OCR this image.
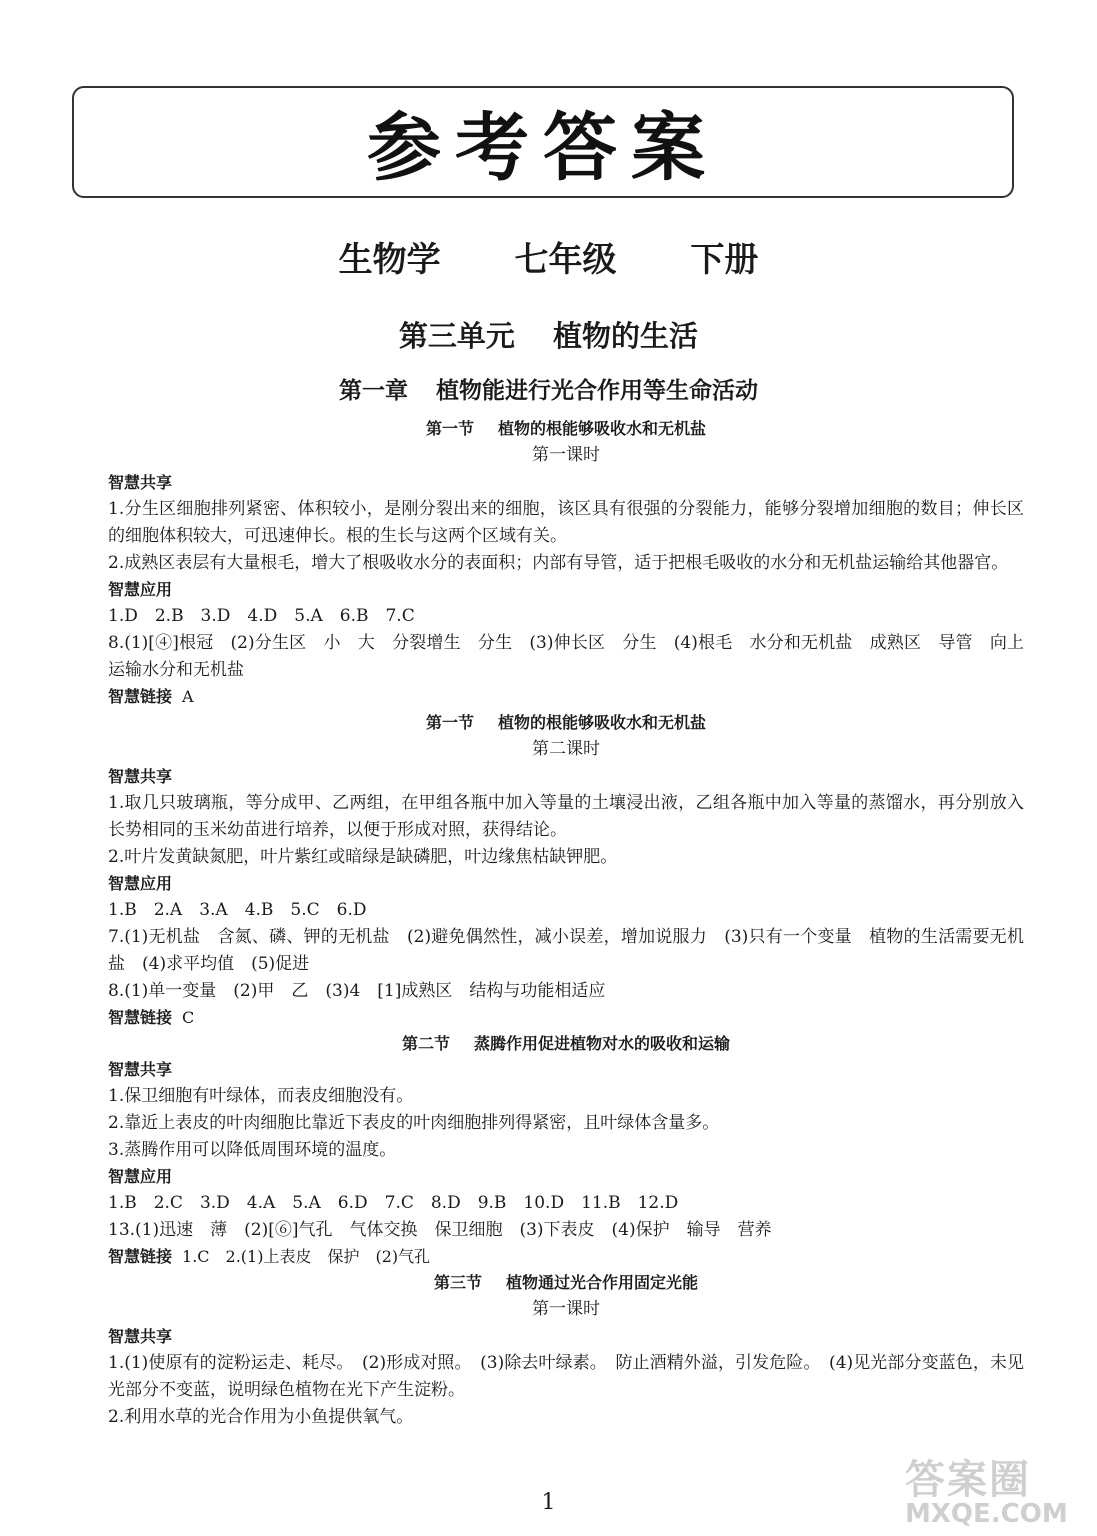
参考答案
生物学 七年级 下册
第三单元 植物的生活
第一章 植物能进行光合作用等生命活动
第一节 植物的根能够吸收水和无机盐
第一课时
智慧共享
1.分生区细胞排列紧密、体积较小，是刚分裂出来的细胞，该区具有很强的分裂能力，能够分裂增加细胞的数目；伸长区的细胞体积较大，可迅速伸长。根的生长与这两个区域有关。
2.成熟区表层有大量根毛，增大了根吸收水分的表面积；内部有导管，适于把根毛吸收的水分和无机盐运输给其他器官。
智慧应用
1.D　2.B　3.D　4.D　5.A　6.B　7.C
8.(1)[④]根冠　(2)分生区　小　大　分裂增生　分生　(3)伸长区　分生　(4)根毛　水分和无机盐　成熟区　导管　向上运输水分和无机盐
智慧链接 A
第一节 植物的根能够吸收水和无机盐
第二课时
智慧共享
1.取几只玻璃瓶，等分成甲、乙两组，在甲组各瓶中加入等量的土壤浸出液，乙组各瓶中加入等量的蒸馏水，再分别放入长势相同的玉米幼苗进行培养，以便于形成对照，获得结论。
2.叶片发黄缺氮肥，叶片紫红或暗绿是缺磷肥，叶边缘焦枯缺钾肥。
智慧应用
1.B　2.A　3.A　4.B　5.C　6.D
7.(1)无机盐　含氮、磷、钾的无机盐　(2)避免偶然性，减小误差，增加说服力　(3)只有一个变量　植物的生活需要无机盐　(4)求平均值　(5)促进
8.(1)单一变量　(2)甲　乙　(3)4　[1]成熟区　结构与功能相适应
智慧链接 C
第二节 蒸腾作用促进植物对水的吸收和运输
智慧共享
1.保卫细胞有叶绿体，而表皮细胞没有。
2.靠近上表皮的叶肉细胞比靠近下表皮的叶肉细胞排列得紧密，且叶绿体含量多。
3.蒸腾作用可以降低周围环境的温度。
智慧应用
1.B　2.C　3.D　4.A　5.A　6.D　7.C　8.D　9.B　10.D　11.B　12.D
13.(1)迅速　薄　(2)[⑥]气孔　气体交换　保卫细胞　(3)下表皮　(4)保护　输导　营养
智慧链接 1.C　2.(1)上表皮　保护　(2)气孔
第三节 植物通过光合作用固定光能
第一课时
智慧共享
1.(1)使原有的淀粉运走、耗尽。　(2)形成对照。　(3)除去叶绿素。　防止酒精外溢，引发危险。　(4)见光部分变蓝色，未见光部分不变蓝，说明绿色植物在光下产生淀粉。
2.利用水草的光合作用为小鱼提供氧气。
1	答案圈
MXQE.COM
